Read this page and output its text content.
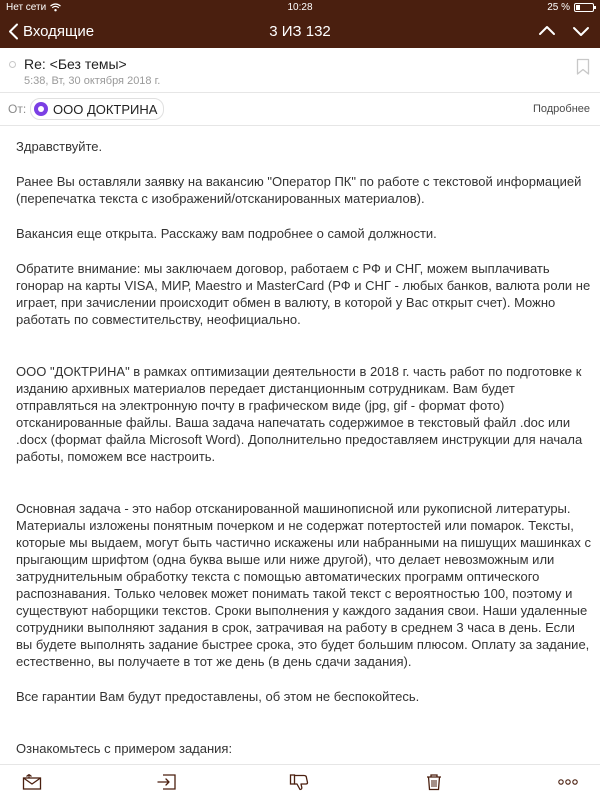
Нет сети	10:28	25 %
Входящие	3 ИЗ 132
Re: <Без темы>
5:38, Вт, 30 октября 2018 г.
От: ООО ДОКТРИНА	Подробнее

Здравствуйте.

Ранее Вы оставляли заявку на вакансию "Оператор ПК" по работе с текстовой информацией (перепечатка текста с изображений/отсканированных материалов).

Вакансия еще открыта. Расскажу вам подробнее о самой должности.

Обратите внимание: мы заключаем договор, работаем с РФ и СНГ, можем выплачивать гонорар на карты VISA, МИР, Maestro и MasterCard (РФ и СНГ - любых банков, валюта роли не играет, при зачислении происходит обмен в валюту, в которой у Вас открыт счет). Можно работать по совместительству, неофициально.

ООО "ДОКТРИНА" в рамках оптимизации деятельности в 2018 г. часть работ по подготовке к изданию архивных материалов передает дистанционным сотрудникам. Вам будет отправляться на электронную почту в графическом виде (jpg, gif - формат фото) отсканированные файлы. Ваша задача напечатать содержимое в текстовый файл .doc или .docx (формат файла Microsoft Word). Дополнительно предоставляем инструкции для начала работы, поможем все настроить.

Основная задача - это набор отсканированной машинописной или рукописной литературы. Материалы изложены понятным почерком и не содержат потертостей или помарок. Тексты, которые мы выдаем, могут быть частично искажены или набранными на пишущих машинках с прыгающим шрифтом (одна буква выше или ниже другой), что делает невозможным или затруднительным обработку текста с помощью автоматических программ оптического распознавания. Только человек может понимать такой текст с вероятностью 100, поэтому и существуют наборщики текстов. Сроки выполнения у каждого задания свои. Наши удаленные сотрудники выполняют задания в срок, затрачивая на работу в среднем 3 часа в день. Если вы будете выполнять задание быстрее срока, это будет большим плюсом. Оплату за задание, естественно, вы получаете в тот же день (в день сдачи задания).

Все гарантии Вам будут предоставлены, об этом не беспокойтесь.

Ознакомьтесь с примером задания:
